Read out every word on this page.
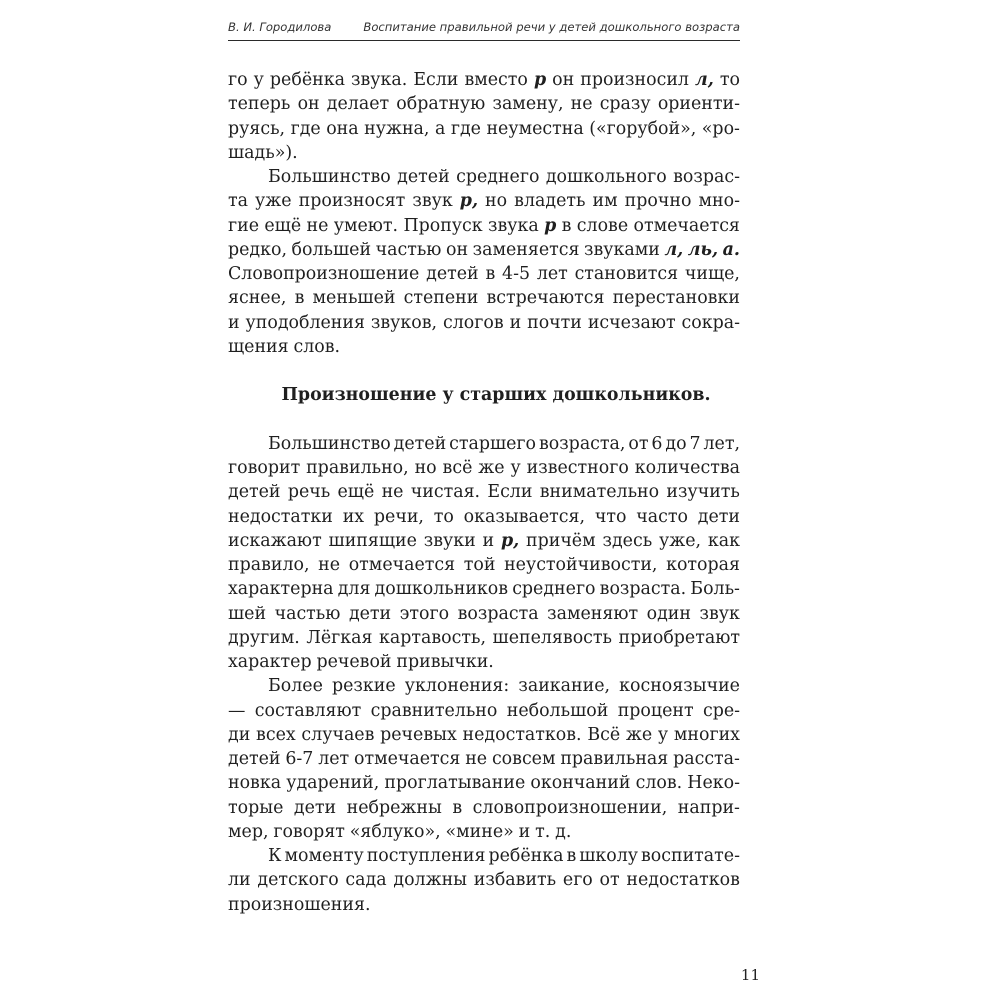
В. И. Городилова	Воспитание правильной речи у детей дошкольного возраста
го у ребёнка звука. Если вместо р он произносил л, то
теперь он делает обратную замену, не сразу ориенти-
руясь, где она нужна, а где неуместна («горубой», «ро-
шадь»).
Большинство детей среднего дошкольного возрас-
та уже произносят звук р, но владеть им прочно мно-
гие ещё не умеют. Пропуск звука р в слове отмечается
редко, большей частью он заменяется звуками л, ль, а.
Словопроизношение детей в 4-5 лет становится чище,
яснее, в меньшей степени встречаются перестановки
и уподобления звуков, слогов и почти исчезают сокра-
щения слов.
Произношение у старших дошкольников.
Большинство детей старшего возраста, от 6 до 7 лет,
говорит правильно, но всё же у известного количества
детей речь ещё не чистая. Если внимательно изучить
недостатки их речи, то оказывается, что часто дети
искажают шипящие звуки и р, причём здесь уже, как
правило, не отмечается той неустойчивости, которая
характерна для дошкольников среднего возраста. Боль-
шей частью дети этого возраста заменяют один звук
другим. Лёгкая картавость, шепелявость приобретают
характер речевой привычки.
Более резкие уклонения: заикание, косноязычие
— составляют сравнительно небольшой процент сре-
ди всех случаев речевых недостатков. Всё же у многих
детей 6-7 лет отмечается не совсем правильная расста-
новка ударений, проглатывание окончаний слов. Неко-
торые дети небрежны в словопроизношении, напри-
мер, говорят «яблуко», «мине» и т. д.
К моменту поступления ребёнка в школу воспитате-
ли детского сада должны избавить его от недостатков
произношения.
11
